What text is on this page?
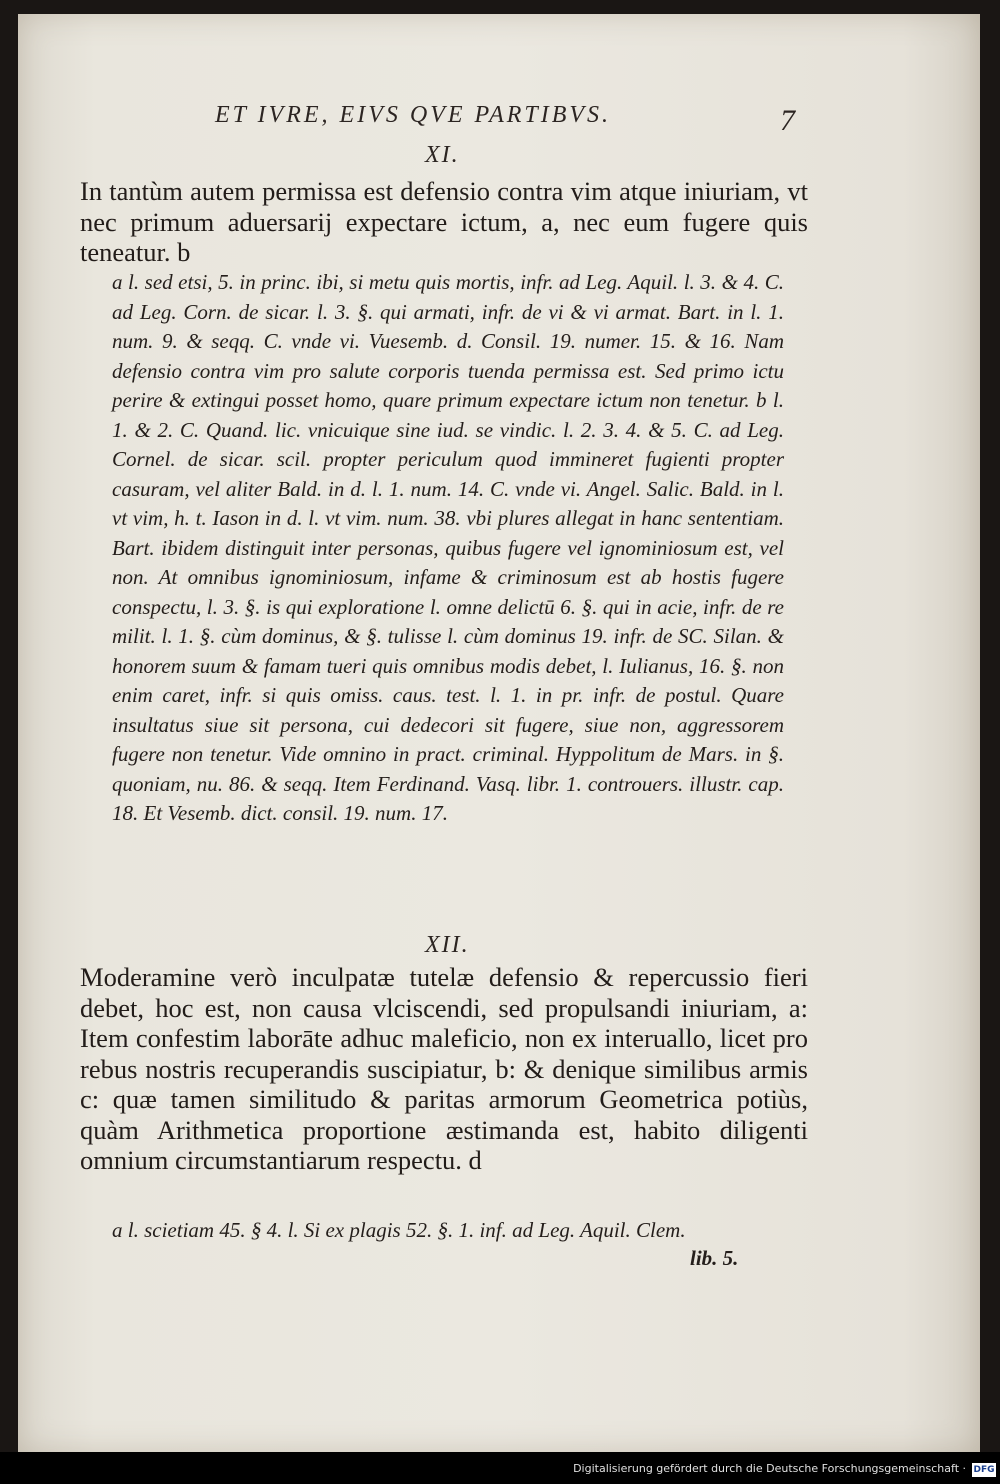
ET IVRE, EIVS QVE PARTIBVS.	7
XI.

In tantùm autem permissa est defensio contra vim atque iniuriam, vt nec primum aduersarij expectare ictum, a, nec eum fugere quis teneatur. b

a l. sed etsi, 5. in princ. ibi, si metu quis mortis, infr. ad Leg. Aquil. l. 3. & 4. C. ad Leg. Corn. de sicar. l. 3. §. qui armati, infr. de vi & vi armat. Bart. in l. 1. num. 9. & seqq. C. vnde vi. Vuesemb. d. Consil. 19. numer. 15. & 16. Nam defensio contra vim pro salute corporis tuenda permissa est. Sed primo ictu perire & extingui posset homo, quare primum expectare ictum non tenetur. b l. 1. & 2. C. Quand. lic. vnicuique sine iud. se vindic. l. 2. 3. 4. & 5. C. ad Leg. Cornel. de sicar. scil. propter periculum quod immineret fugienti propter casuram, vel aliter Bald. in d. l. 1. num. 14. C. vnde vi. Angel. Salic. Bald. in l. vt vim, h. t. Iason in d. l. vt vim. num. 38. vbi plures allegat in hanc sententiam. Bart. ibidem distinguit inter personas, quibus fugere vel ignominiosum est, vel non. At omnibus ignominiosum, infame & criminosum est ab hostis fugere conspectu, l. 3. §. is qui exploratione l. omne delictū 6. §. qui in acie, infr. de re milit. l. 1. §. cùm dominus, & §. tulisse l. cùm dominus 19. infr. de SC. Silan. & honorem suum & famam tueri quis omnibus modis debet, l. Iulianus, 16. §. non enim caret, infr. si quis omiss. caus. test. l. 1. in pr. infr. de postul. Quare insultatus siue sit persona, cui dedecori sit fugere, siue non, aggressorem fugere non tenetur. Vide omnino in pract. criminal. Hyppolitum de Mars. in §. quoniam, nu. 86. & seqq. Item Ferdinand. Vasq. libr. 1. controuers. illustr. cap. 18. Et Vesemb. dict. consil. 19. num. 17.

XII.

Moderamine verò inculpatæ tutelæ defensio & repercussio fieri debet, hoc est, non causa vlciscendi, sed propulsandi iniuriam, a: Item confestim laborāte adhuc maleficio, non ex interuallo, licet pro rebus nostris recuperandis suscipiatur, b: & denique similibus armis c: quæ tamen similitudo & paritas armorum Geometrica potiùs, quàm Arithmetica proportione æstimanda est, habito diligenti omnium circumstantiarum respectu. d

a l. scietiam 45. § 4. l. Si ex plagis 52. §. 1. inf. ad Leg. Aquil. Clem.

lib. 5.
Digitalisierung gefördert durch die Deutsche Forschungsgemeinschaft · DFG
